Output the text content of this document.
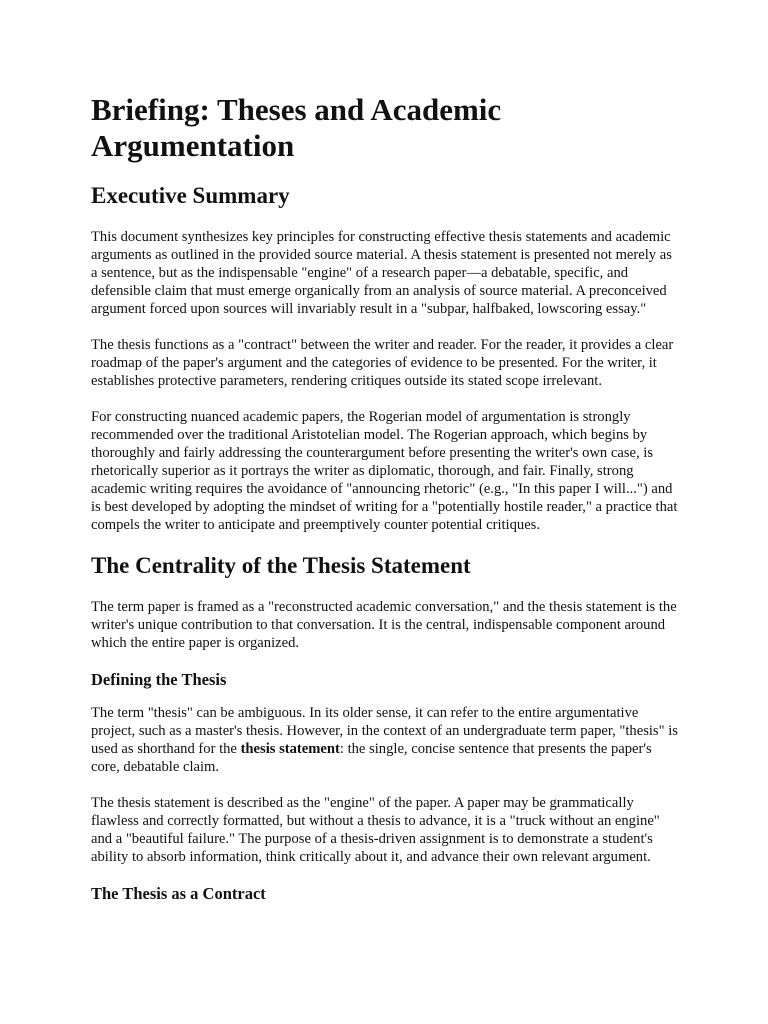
Briefing: Theses and Academic Argumentation
Executive Summary

This document synthesizes key principles for constructing effective thesis statements and academic arguments as outlined in the provided source material. A thesis statement is presented not merely as a sentence, but as the indispensable "engine" of a research paper—a debatable, specific, and defensible claim that must emerge organically from an analysis of source material. A preconceived argument forced upon sources will invariably result in a "subpar, halfbaked, lowscoring essay."

The thesis functions as a "contract" between the writer and reader. For the reader, it provides a clear roadmap of the paper's argument and the categories of evidence to be presented. For the writer, it establishes protective parameters, rendering critiques outside its stated scope irrelevant.

For constructing nuanced academic papers, the Rogerian model of argumentation is strongly recommended over the traditional Aristotelian model. The Rogerian approach, which begins by thoroughly and fairly addressing the counterargument before presenting the writer's own case, is rhetorically superior as it portrays the writer as diplomatic, thorough, and fair. Finally, strong academic writing requires the avoidance of "announcing rhetoric" (e.g., "In this paper I will...") and is best developed by adopting the mindset of writing for a "potentially hostile reader," a practice that compels the writer to anticipate and preemptively counter potential critiques.

The Centrality of the Thesis Statement

The term paper is framed as a "reconstructed academic conversation," and the thesis statement is the writer's unique contribution to that conversation. It is the central, indispensable component around which the entire paper is organized.

Defining the Thesis

The term "thesis" can be ambiguous. In its older sense, it can refer to the entire argumentative project, such as a master's thesis. However, in the context of an undergraduate term paper, "thesis" is used as shorthand for the thesis statement: the single, concise sentence that presents the paper's core, debatable claim.

The thesis statement is described as the "engine" of the paper. A paper may be grammatically flawless and correctly formatted, but without a thesis to advance, it is a "truck without an engine" and a "beautiful failure." The purpose of a thesis-driven assignment is to demonstrate a student's ability to absorb information, think critically about it, and advance their own relevant argument.

The Thesis as a Contract
